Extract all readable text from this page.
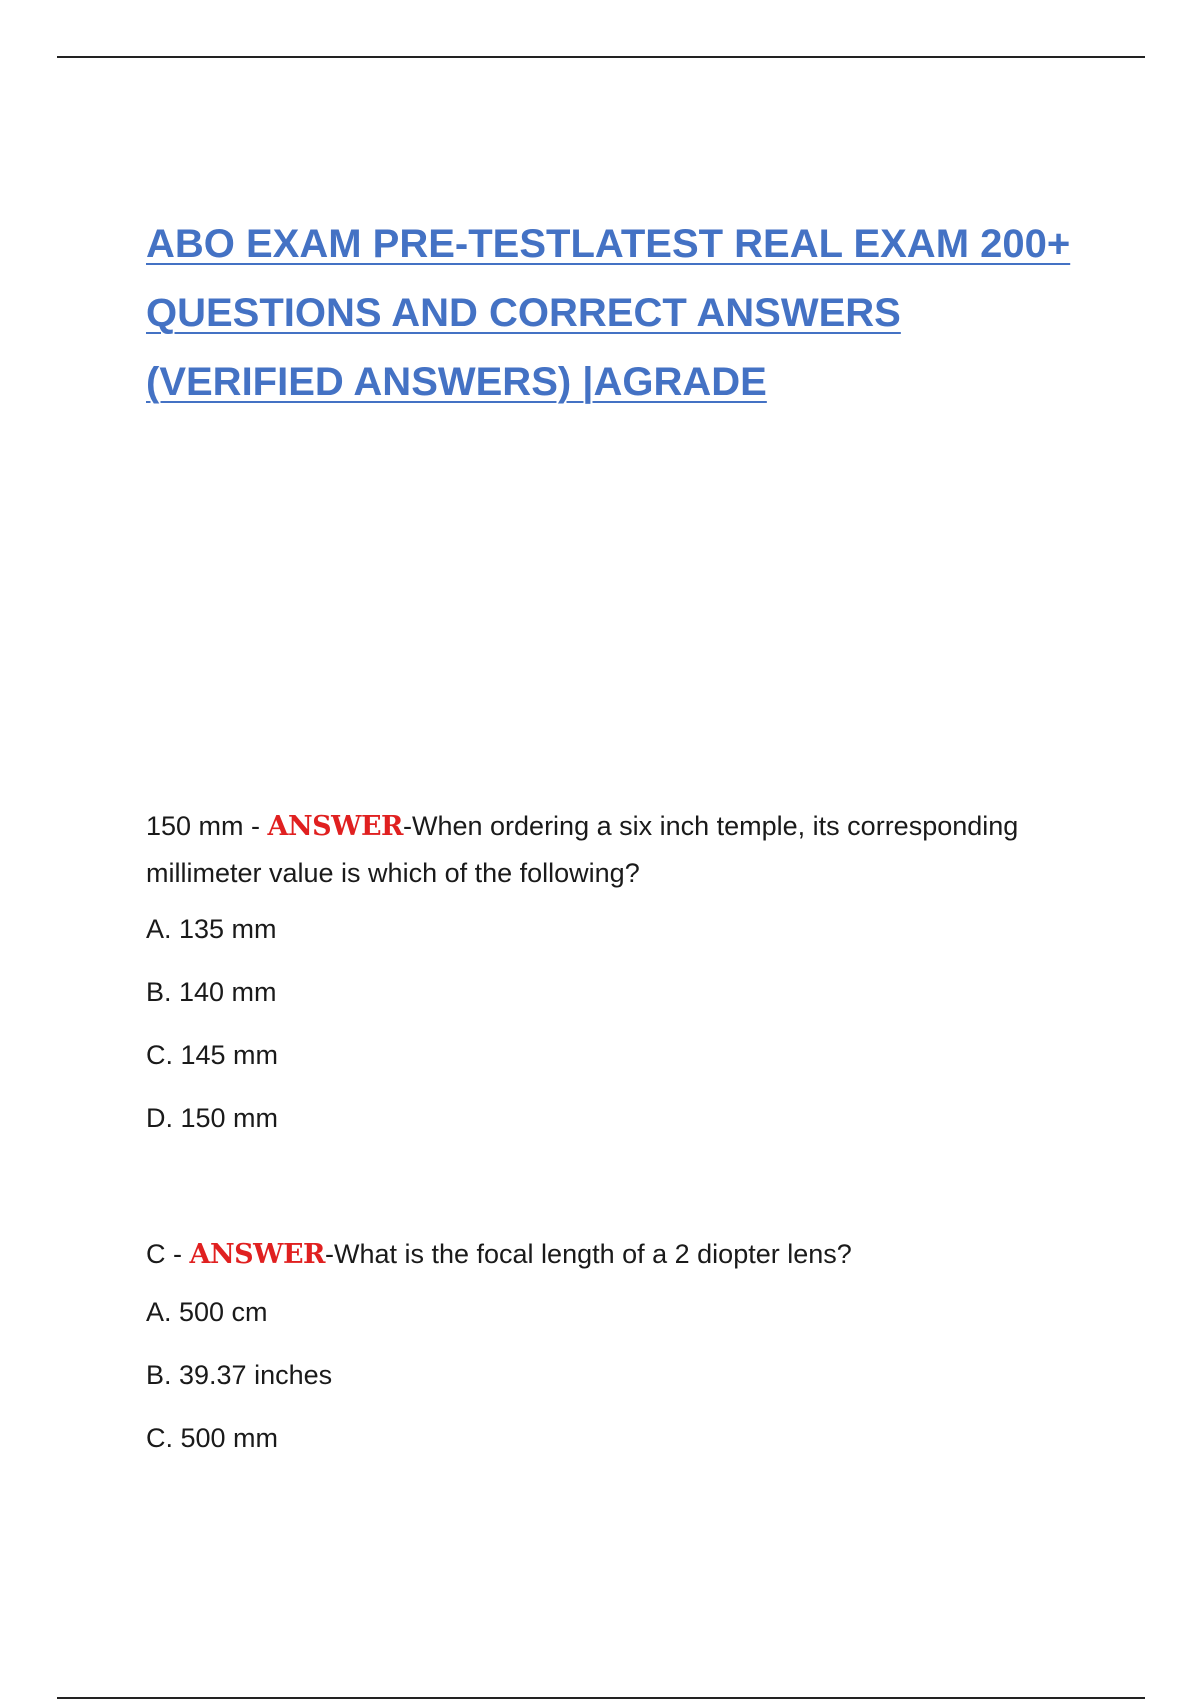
ABO EXAM PRE-TESTLATEST REAL EXAM 200+
QUESTIONS AND CORRECT ANSWERS
(VERIFIED ANSWERS) |AGRADE

150 mm - ANSWER-When ordering a six inch temple, its corresponding millimeter value is which of the following?

A. 135 mm
B. 140 mm
C. 145 mm
D. 150 mm

C - ANSWER-What is the focal length of a 2 diopter lens?

A. 500 cm
B. 39.37 inches
C. 500 mm
